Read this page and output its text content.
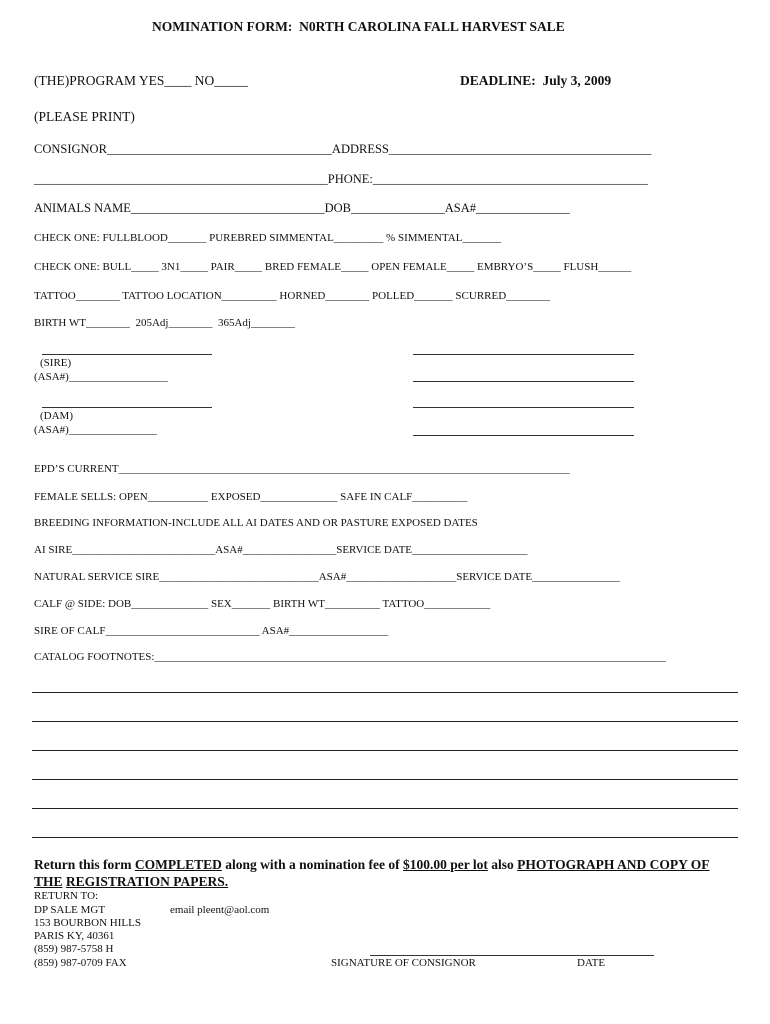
NOMINATION FORM:  N0RTH CAROLINA FALL HARVEST SALE
(THE)PROGRAM YES____ NO_____	DEADLINE:  July 3, 2009
(PLEASE PRINT)
CONSIGNOR____________________________________ADDRESS__________________________________________
_______________________________________________PHONE:____________________________________________
ANIMALS NAME_______________________________DOB_______________ASA#_______________
CHECK ONE: FULLBLOOD_______ PUREBRED SIMMENTAL_________ % SIMMENTAL_______
CHECK ONE: BULL_____ 3N1_____ PAIR_____ BRED FEMALE_____ OPEN FEMALE_____ EMBRYO’S_____ FLUSH______
TATTOO________ TATTOO LOCATION__________ HORNED________ POLLED_______ SCURRED________
BIRTH WT________  205Adj________  365Adj________
(SIRE)
(ASA#)__________________
(DAM)
(ASA#)________________
EPD’S CURRENT__________________________________________________________________________________
FEMALE SELLS: OPEN___________ EXPOSED______________ SAFE IN CALF__________
BREEDING INFORMATION-INCLUDE ALL AI DATES AND OR PASTURE EXPOSED DATES
AI SIRE__________________________ASA#_________________SERVICE DATE_____________________
NATURAL SERVICE SIRE_____________________________ASA#____________________SERVICE DATE________________
CALF @ SIDE: DOB______________ SEX_______ BIRTH WT__________ TATTOO____________
SIRE OF CALF____________________________ ASA#__________________
CATALOG FOOTNOTES:_____________________________________________________________________________________________
Return this form COMPLETED along with a nomination fee of $100.00 per lot also PHOTOGRAPH AND COPY OF
THE REGISTRATION PAPERS.
RETURN TO:
DP SALE MGT	email pleent@aol.com
153 BOURBON HILLS
PARIS KY, 40361
(859) 987-5758 H
(859) 987-0709 FAX	SIGNATURE OF CONSIGNOR	DATE
